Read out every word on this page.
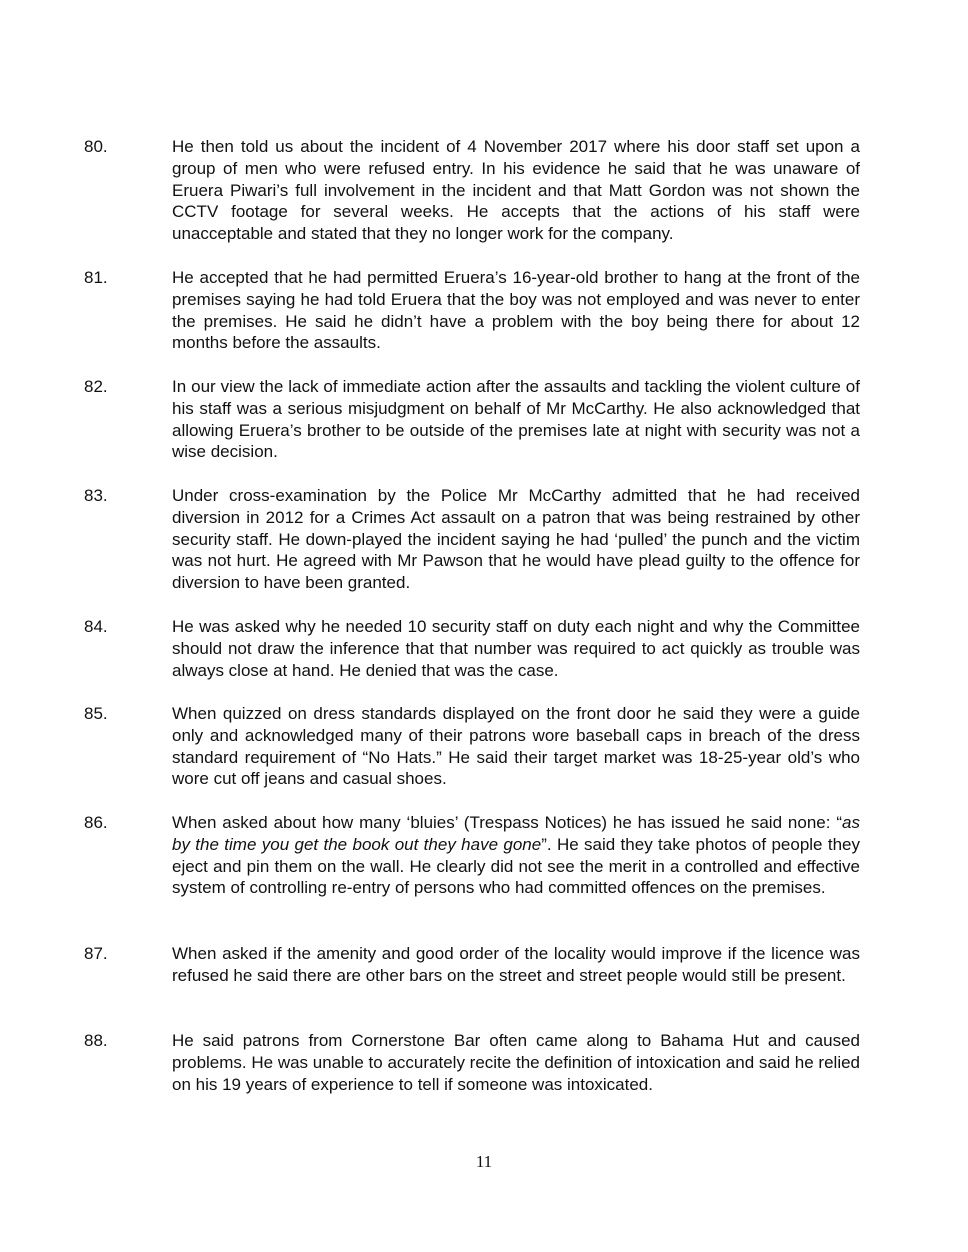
80.	He then told us about the incident of 4 November 2017 where his door staff set upon a group of men who were refused entry. In his evidence he said that he was unaware of Eruera Piwari’s full involvement in the incident and that Matt Gordon was not shown the CCTV footage for several weeks. He accepts that the actions of his staff were unacceptable and stated that they no longer work for the company.
81.	He accepted that he had permitted Eruera’s 16-year-old brother to hang at the front of the premises saying he had told Eruera that the boy was not employed and was never to enter the premises. He said he didn’t have a problem with the boy being there for about 12 months before the assaults.
82.	In our view the lack of immediate action after the assaults and tackling the violent culture of his staff was a serious misjudgment on behalf of Mr McCarthy. He also acknowledged that allowing Eruera’s brother to be outside of the premises late at night with security was not a wise decision.
83.	Under cross-examination by the Police Mr McCarthy admitted that he had received diversion in 2012 for a Crimes Act assault on a patron that was being restrained by other security staff. He down-played the incident saying he had ‘pulled’ the punch and the victim was not hurt. He agreed with Mr Pawson that he would have plead guilty to the offence for diversion to have been granted.
84.	He was asked why he needed 10 security staff on duty each night and why the Committee should not draw the inference that that number was required to act quickly as trouble was always close at hand. He denied that was the case.
85.	When quizzed on dress standards displayed on the front door he said they were a guide only and acknowledged many of their patrons wore baseball caps in breach of the dress standard requirement of “No Hats.” He said their target market was 18-25-year old’s who wore cut off jeans and casual shoes.
86.	When asked about how many ‘bluies’ (Trespass Notices) he has issued he said none: “as by the time you get the book out they have gone”. He said they take photos of people they eject and pin them on the wall. He clearly did not see the merit in a controlled and effective system of controlling re-entry of persons who had committed offences on the premises.
87.	When asked if the amenity and good order of the locality would improve if the licence was refused he said there are other bars on the street and street people would still be present.
88.	He said patrons from Cornerstone Bar often came along to Bahama Hut and caused problems. He was unable to accurately recite the definition of intoxication and said he relied on his 19 years of experience to tell if someone was intoxicated.
11
